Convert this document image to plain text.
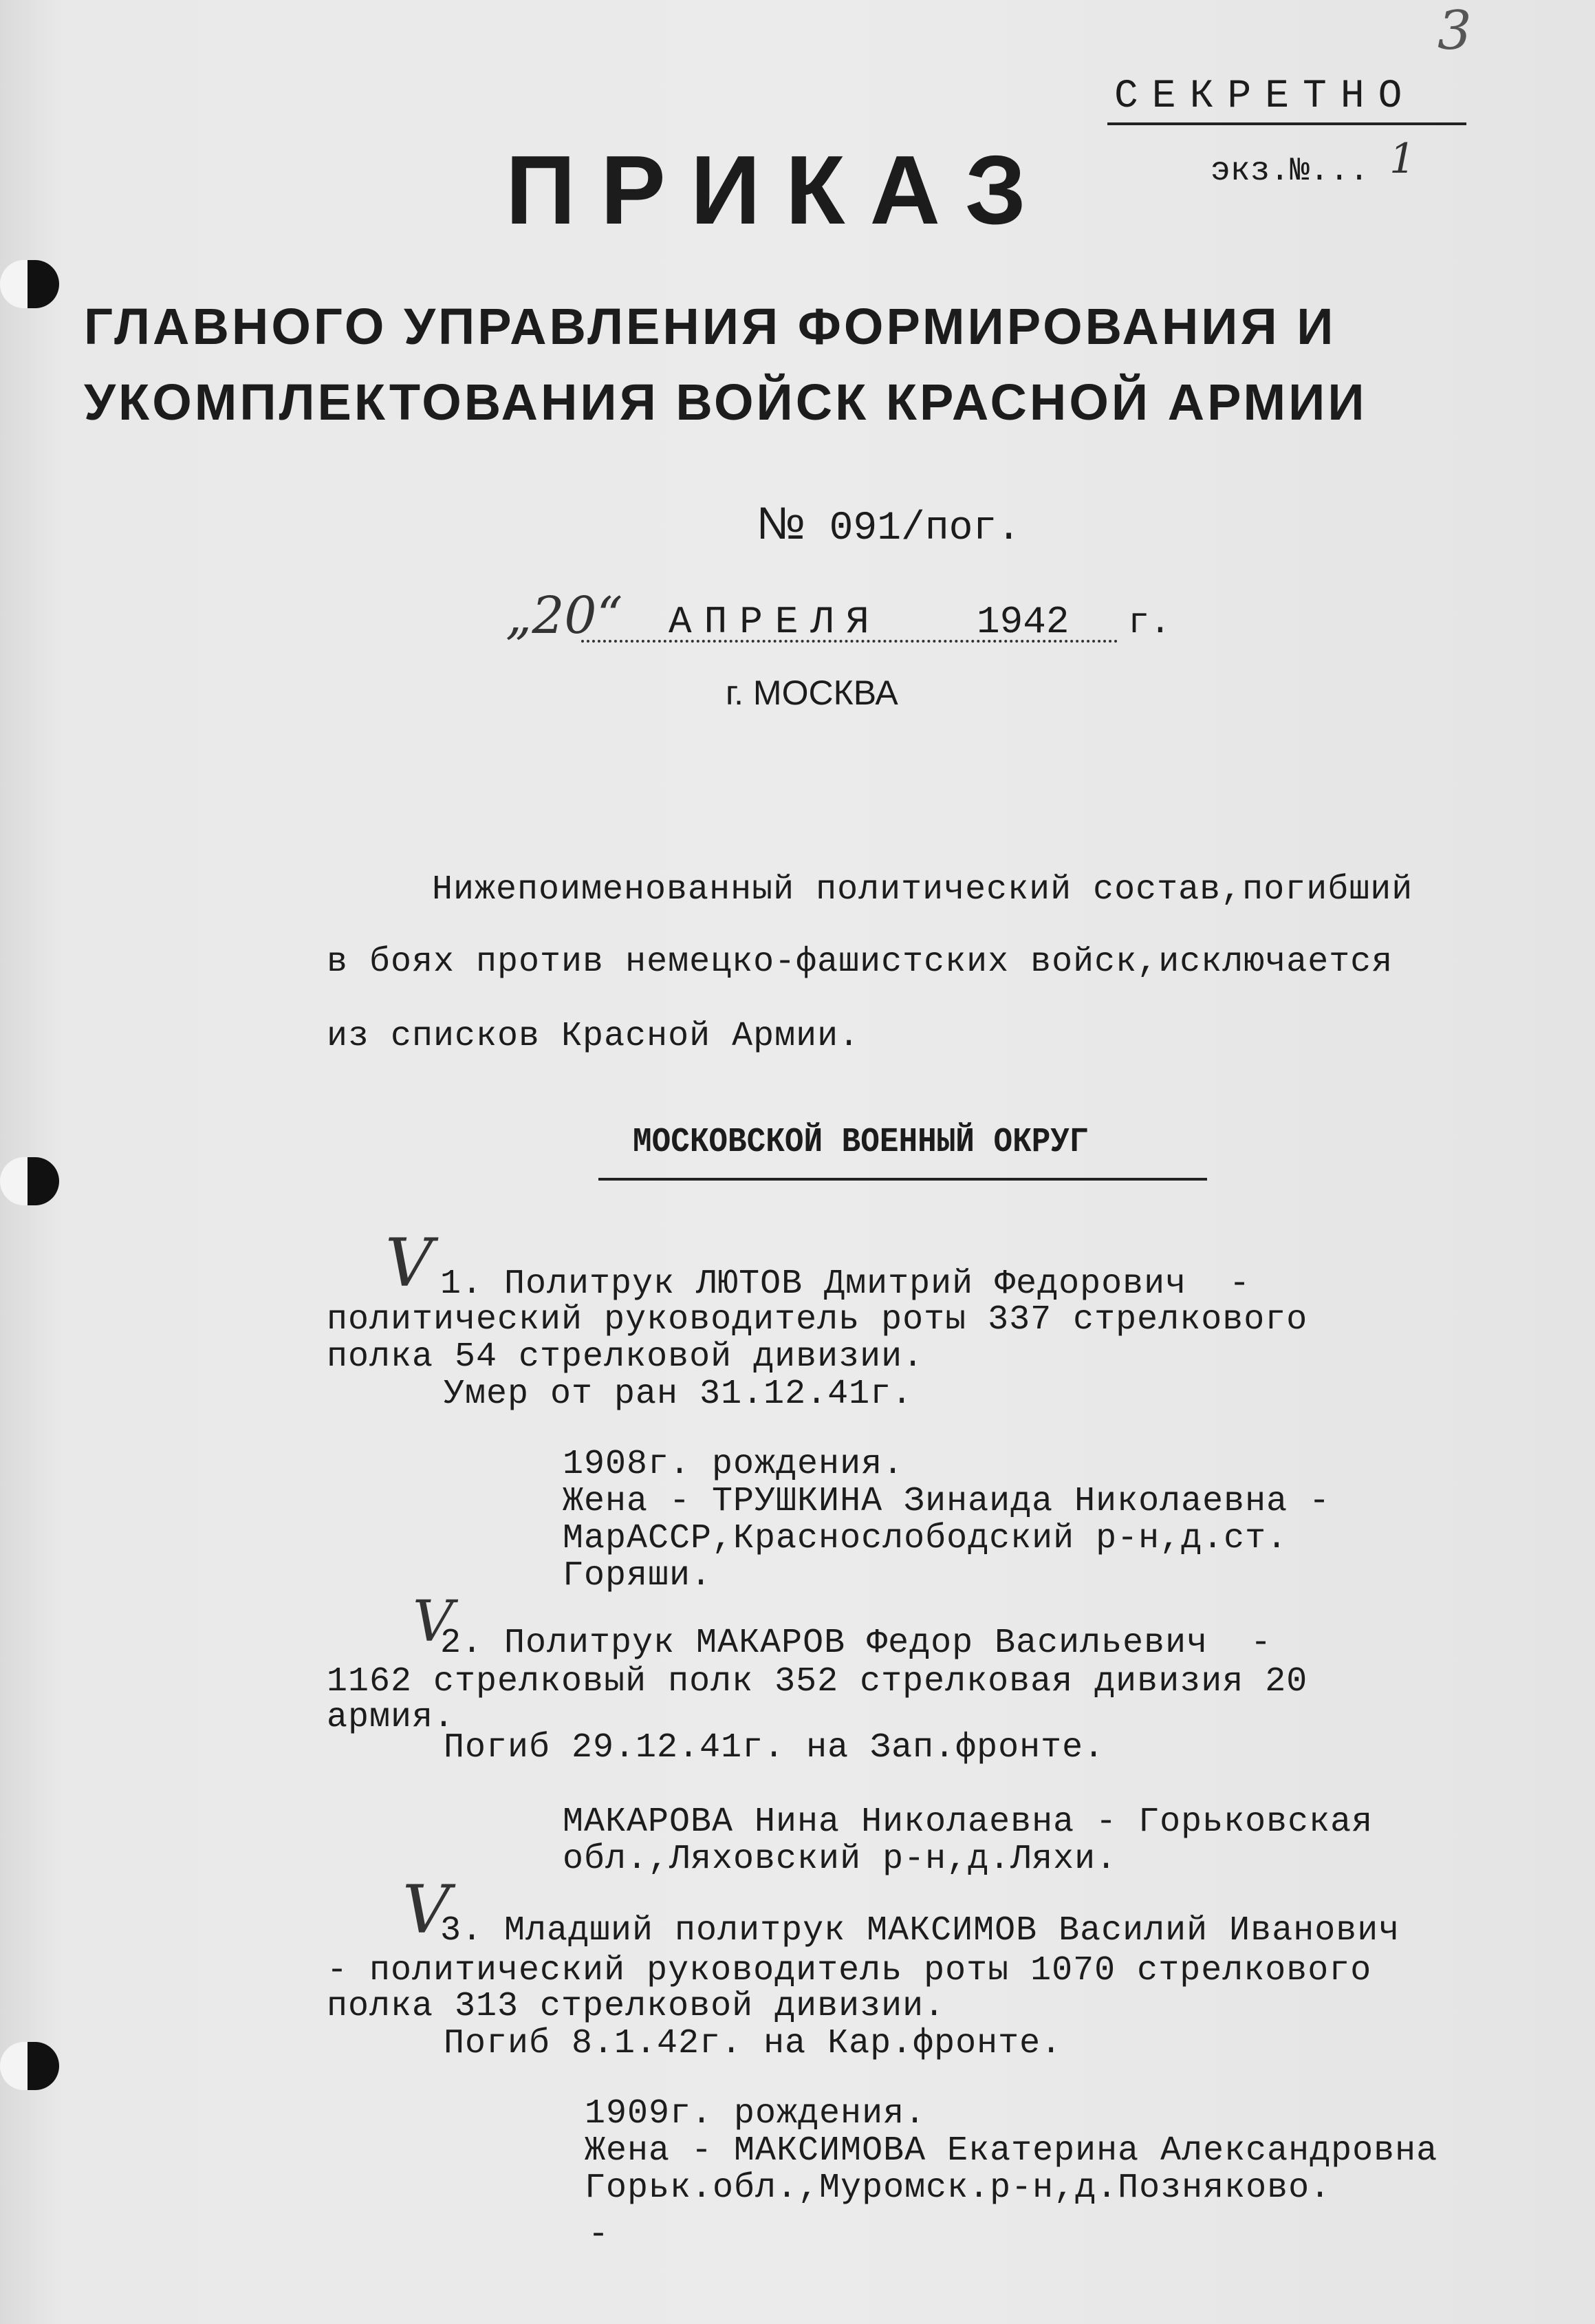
3
СЕКРЕТНО
экз.№... 1
ПРИКАЗ
ГЛАВНОГО УПРАВЛЕНИЯ ФОРМИРОВАНИЯ И
УКОМПЛЕКТОВАНИЯ ВОЙСК КРАСНОЙ АРМИИ
№ 091/пог.
„20“ АПРЕЛЯ 1942 г.
г. МОСКВА
Нижепоименованный политический состав,погибший
в боях против немецко-фашистских войск,исключается
из списков Красной Армии.
МОСКОВСКОЙ ВОЕННЫЙ ОКРУГ
V 1. Политрук ЛЮТОВ Дмитрий Федорович  -
политический руководитель роты 337 стрелкового
полка 54 стрелковой дивизии.
Умер от ран 31.12.41г.
1908г. рождения.
Жена - ТРУШКИНА Зинаида Николаевна -
МарАССР,Краснослободский р-н,д.ст.
Горяши.
V
2. Политрук МАКАРОВ Федор Васильевич  -
1162 стрелковый полк 352 стрелковая дивизия 20
армия.
Погиб 29.12.41г. на Зап.фронте.
МАКАРОВА Нина Николаевна - Горьковская
обл.,Ляховский р-н,д.Ляхи.
V
3. Младший политрук МАКСИМОВ Василий Иванович
- политический руководитель роты 1070 стрелкового
полка 313 стрелковой дивизии.
Погиб 8.1.42г. на Кар.фронте.
1909г. рождения.
Жена - МАКСИМОВА Екатерина Александровна
Горьк.обл.,Муромск.р-н,д.Позняково.
-
